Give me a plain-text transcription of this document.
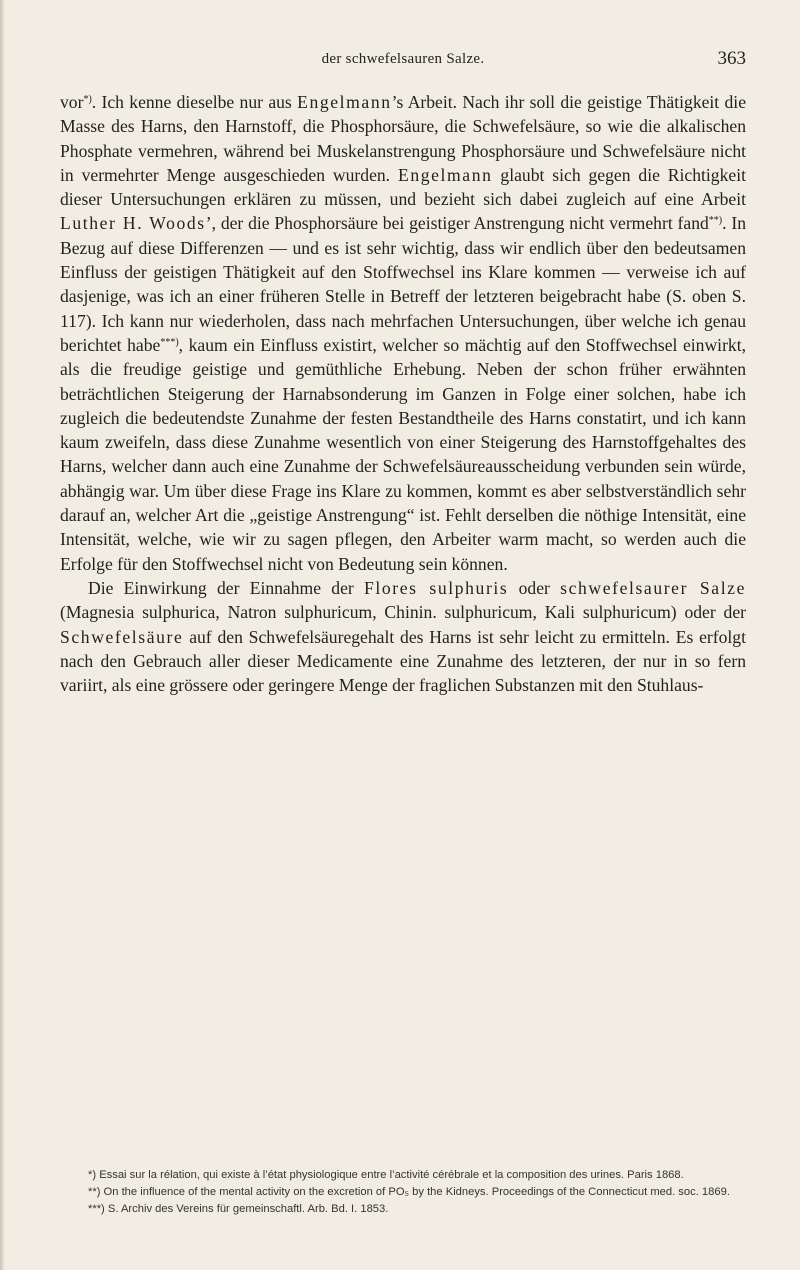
der schwefelsauren Salze.	363

vor*). Ich kenne dieselbe nur aus Engelmann’s Arbeit. Nach ihr soll die geistige Thätigkeit die Masse des Harns, den Harnstoff, die Phosphorsäure, die Schwefelsäure, so wie die alkalischen Phosphate vermehren, während bei Muskelanstrengung Phosphorsäure und Schwefelsäure nicht in vermehrter Menge ausgeschieden wurden. Engelmann glaubt sich gegen die Richtigkeit dieser Untersuchungen erklären zu müssen, und bezieht sich dabei zugleich auf eine Arbeit Luther H. Woods’, der die Phosphorsäure bei geistiger Anstrengung nicht vermehrt fand**). In Bezug auf diese Differenzen — und es ist sehr wichtig, dass wir endlich über den bedeutsamen Einfluss der geistigen Thätigkeit auf den Stoffwechsel ins Klare kommen — verweise ich auf dasjenige, was ich an einer früheren Stelle in Betreff der letzteren beigebracht habe (S. oben S. 117). Ich kann nur wiederholen, dass nach mehrfachen Untersuchungen, über welche ich genau berichtet habe***), kaum ein Einfluss existirt, welcher so mächtig auf den Stoffwechsel einwirkt, als die freudige geistige und gemüthliche Erhebung. Neben der schon früher erwähnten beträchtlichen Steigerung der Harnabsonderung im Ganzen in Folge einer solchen, habe ich zugleich die bedeutendste Zunahme der festen Bestandtheile des Harns constatirt, und ich kann kaum zweifeln, dass diese Zunahme wesentlich von einer Steigerung des Harnstoffgehaltes des Harns, welcher dann auch eine Zunahme der Schwefelsäureausscheidung verbunden sein würde, abhängig war. Um über diese Frage ins Klare zu kommen, kommt es aber selbstverständlich sehr darauf an, welcher Art die „geistige Anstrengung“ ist. Fehlt derselben die nöthige Intensität, eine Intensität, welche, wie wir zu sagen pflegen, den Arbeiter warm macht, so werden auch die Erfolge für den Stoffwechsel nicht von Bedeutung sein können.

Die Einwirkung der Einnahme der Flores sulphuris oder schwefelsaurer Salze (Magnesia sulphurica, Natron sulphuricum, Chinin. sulphuricum, Kali sulphuricum) oder der Schwefelsäure auf den Schwefelsäuregehalt des Harns ist sehr leicht zu ermitteln. Es erfolgt nach den Gebrauch aller dieser Medicamente eine Zunahme des letzteren, der nur in so fern variirt, als eine grössere oder geringere Menge der fraglichen Substanzen mit den Stuhlaus-

*) Essai sur la rélation, qui existe à l’état physiologique entre l’activité cérébrale et la composition des urines. Paris 1868.

**) On the influence of the mental activity on the excretion of PO₅ by the Kidneys. Proceedings of the Connecticut med. soc. 1869.

***) S. Archiv des Vereins für gemeinschaftl. Arb. Bd. I. 1853.
